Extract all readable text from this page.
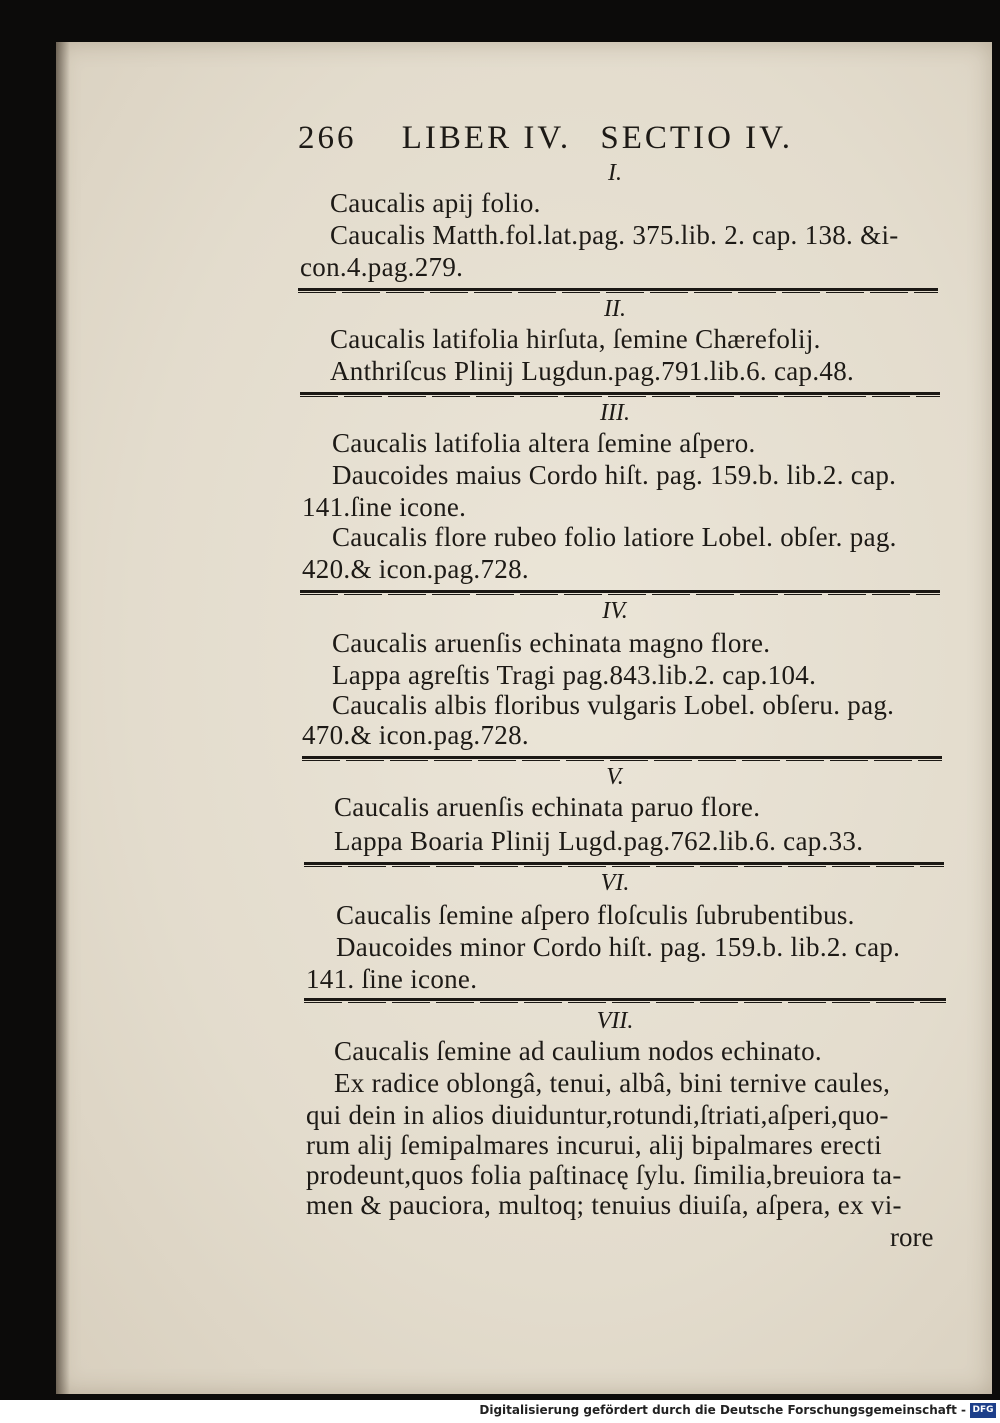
266 LIBER IV. SECTIO IV.
I.
Caucalis apij folio.
Caucalis Matth.fol.lat.pag. 375.lib. 2. cap. 138. &i-
con.4.pag.279.
II.
Caucalis latifolia hirſuta, ſemine Chærefolij.
Anthriſcus Plinij Lugdun.pag.791.lib.6. cap.48.
III.
Caucalis latifolia altera ſemine aſpero.
Daucoides maius Cordo hiſt. pag. 159.b. lib.2. cap.
141.ſine icone.
Caucalis flore rubeo folio latiore Lobel. obſer. pag.
420.& icon.pag.728.
IV.
Caucalis aruenſis echinata magno flore.
Lappa agreſtis Tragi pag.843.lib.2. cap.104.
Caucalis albis floribus vulgaris Lobel. obſeru. pag.
470.& icon.pag.728.
V.
Caucalis aruenſis echinata paruo flore.
Lappa Boaria Plinij Lugd.pag.762.lib.6. cap.33.
VI.
Caucalis ſemine aſpero floſculis ſubrubentibus.
Daucoides minor Cordo hiſt. pag. 159.b. lib.2. cap.
141. ſine icone.
VII.
Caucalis ſemine ad caulium nodos echinato.
Ex radice oblongâ, tenui, albâ, bini ternive caules,
qui dein in alios diuiduntur,rotundi,ſtriati,aſperi,quo-
rum alij ſemipalmares incurui, alij bipalmares erecti
prodeunt,quos folia paſtinacę ſylu. ſimilia,breuiora ta-
men & pauciora, multoq; tenuius diuiſa, aſpera, ex vi-
rore
Digitalisierung gefördert durch die Deutsche Forschungsgemeinschaft - DFG
